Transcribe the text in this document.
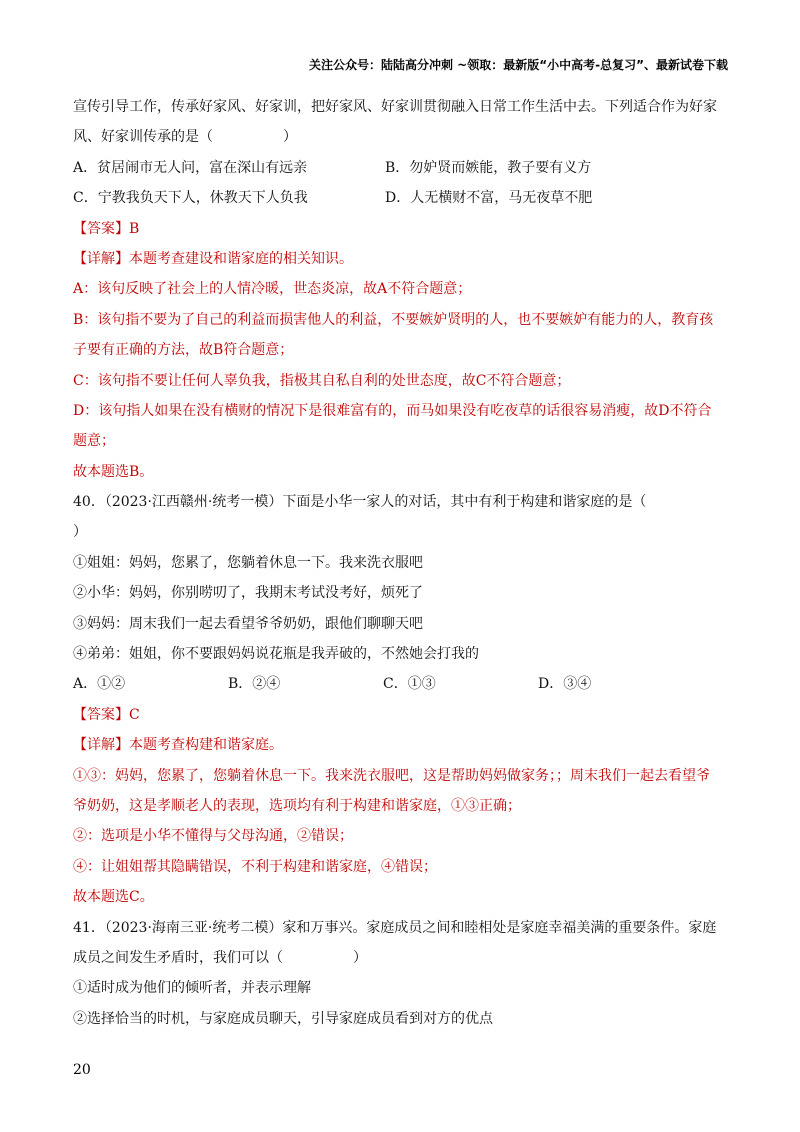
关注公众号：陆陆高分冲刺 ~领取：最新版“小中高考-总复习”、最新试卷下载
宣传引导工作，传承好家风、好家训，把好家风、好家训贯彻融入日常工作生活中去。下列适合作为好家
风、好家训传承的是（　　　　　）
A．贫居闹市无人问，富在深山有远亲	B．勿妒贤而嫉能，教子要有义方
C．宁教我负天下人，休教天下人负我	D．人无横财不富，马无夜草不肥
【答案】B
【详解】本题考查建设和谐家庭的相关知识。
A：该句反映了社会上的人情冷暖，世态炎凉，故A不符合题意；
B：该句指不要为了自己的利益而损害他人的利益，不要嫉妒贤明的人，也不要嫉妒有能力的人，教育孩
子要有正确的方法，故B符合题意；
C：该句指不要让任何人辜负我，指极其自私自利的处世态度，故C不符合题意；
D：该句指人如果在没有横财的情况下是很难富有的，而马如果没有吃夜草的话很容易消瘦，故D不符合
题意；
故本题选B。
40．（2023·江西赣州·统考一模）下面是小华一家人的对话，其中有利于构建和谐家庭的是（
）
①姐姐：妈妈，您累了，您躺着休息一下。我来洗衣服吧
②小华：妈妈，你别唠叨了，我期末考试没考好，烦死了
③妈妈：周末我们一起去看望爷爷奶奶，跟他们聊聊天吧
④弟弟：姐姐，你不要跟妈妈说花瓶是我弄破的，不然她会打我的
A．①②	B．②④	C．①③	D．③④
【答案】C
【详解】本题考查构建和谐家庭。
①③：妈妈，您累了，您躺着休息一下。我来洗衣服吧，这是帮助妈妈做家务；；周末我们一起去看望爷
爷奶奶，这是孝顺老人的表现，选项均有利于构建和谐家庭，①③正确；
②：选项是小华不懂得与父母沟通，②错误；
④：让姐姐帮其隐瞒错误，不利于构建和谐家庭，④错误；
故本题选C。
41．（2023·海南三亚·统考二模）家和万事兴。家庭成员之间和睦相处是家庭幸福美满的重要条件。家庭
成员之间发生矛盾时，我们可以（　　　　　）
①适时成为他们的倾听者，并表示理解
②选择恰当的时机，与家庭成员聊天，引导家庭成员看到对方的优点
20
